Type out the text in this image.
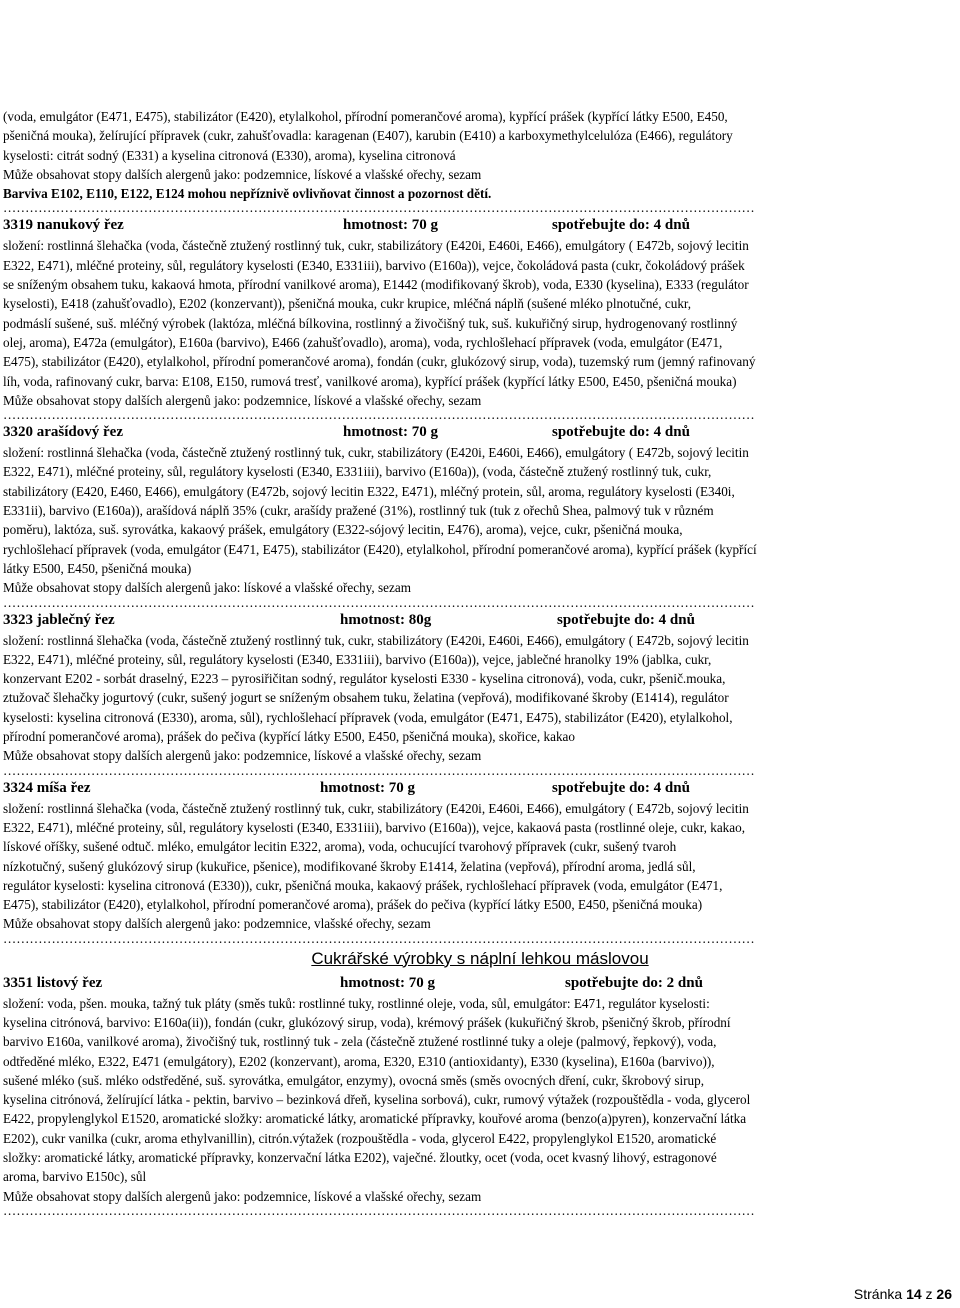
Vašíček – pekařství a cukrářství, s.r.o., Šušilova 50, 789 01 Zábřeh
KATALOG VÝROBKŮ – cukrárna
Aktuální katalog (složení, trvanlivosti) výrobků: www.vasicekzabreh.cz/dokumenty-ke-stazeni
Poslední aktualizace 30.10.2014
======================================================
(voda, emulgátor (E471, E475), stabilizátor (E420), etylalkohol, přírodní pomerančové aroma), kypřící prášek (kypřící látky E500, E450,
pšeničná mouka), želírující přípravek (cukr, zahušťovadla: karagenan (E407), karubin (E410) a karboxymethylcelulóza (E466), regulátory
kyselosti: citrát sodný (E331) a kyselina citronová (E330), aroma), kyselina citronová
Může obsahovat stopy dalších alergenů jako: podzemnice, lískové a vlašské ořechy, sezam
Barviva E102, E110, E122, E124 mohou nepříznivě ovlivňovat činnost a pozornost dětí.
………………………………………………………………………………………………………………………………………………………
3319 nanukový řez	hmotnost: 70 g	spotřebujte do: 4 dnů
složení: rostlinná šlehačka (voda, částečně ztužený rostlinný tuk, cukr, stabilizátory (E420i, E460i, E466), emulgátory ( E472b, sojový lecitin
E322, E471), mléčné proteiny, sůl, regulátory kyselosti (E340, E331iii), barvivo (E160a)), vejce, čokoládová pasta (cukr, čokoládový prášek
se sníženým obsahem tuku, kakaová hmota, přírodní vanilkové aroma), E1442 (modifikovaný škrob), voda, E330 (kyselina), E333 (regulátor
kyselosti), E418 (zahušťovadlo), E202 (konzervant)), pšeničná mouka, cukr krupice, mléčná náplň (sušené mléko plnotučné, cukr,
podmáslí sušené, suš. mléčný výrobek (laktóza, mléčná bílkovina, rostlinný a živočišný tuk, suš. kukuřičný sirup, hydrogenovaný rostlinný
olej, aroma), E472a (emulgátor), E160a (barvivo), E466 (zahušťovadlo), aroma), voda, rychlošlehací přípravek (voda, emulgátor (E471,
E475), stabilizátor (E420), etylalkohol, přírodní pomerančové aroma), fondán (cukr, glukózový sirup, voda), tuzemský rum (jemný rafinovaný
líh, voda, rafinovaný cukr, barva: E108, E150, rumová tresť, vanilkové aroma), kypřící prášek (kypřící látky E500, E450, pšeničná mouka)
Může obsahovat stopy dalších alergenů jako: podzemnice, lískové a vlašské ořechy, sezam
………………………………………………………………………………………………………………………………………………………
3320 arašídový řez	hmotnost: 70 g	spotřebujte do: 4 dnů
složení: rostlinná šlehačka (voda, částečně ztužený rostlinný tuk, cukr, stabilizátory (E420i, E460i, E466), emulgátory ( E472b, sojový lecitin
E322, E471), mléčné proteiny, sůl, regulátory kyselosti (E340, E331iii), barvivo (E160a)), (voda, částečně ztužený rostlinný tuk, cukr,
stabilizátory (E420, E460, E466), emulgátory (E472b, sojový lecitin E322, E471), mléčný protein, sůl, aroma, regulátory kyselosti (E340i,
E331ii), barvivo (E160a)), arašídová náplň 35% (cukr, arašídy pražené (31%), rostlinný tuk (tuk z ořechů Shea, palmový tuk v různém
poměru), laktóza, suš. syrovátka, kakaový prášek, emulgátory (E322-sójový lecitin, E476), aroma), vejce, cukr, pšeničná mouka,
rychlošlehací přípravek (voda, emulgátor (E471, E475), stabilizátor (E420), etylalkohol, přírodní pomerančové aroma), kypřící prášek (kypřící
látky E500, E450, pšeničná mouka)
Může obsahovat stopy dalších alergenů jako: lískové a vlašské ořechy, sezam
………………………………………………………………………………………………………………………………………………………
3323 jablečný řez	hmotnost: 80g	spotřebujte do: 4 dnů
složení: rostlinná šlehačka (voda, částečně ztužený rostlinný tuk, cukr, stabilizátory (E420i, E460i, E466), emulgátory ( E472b, sojový lecitin
E322, E471), mléčné proteiny, sůl, regulátory kyselosti (E340, E331iii), barvivo (E160a)), vejce, jablečné hranolky 19% (jablka, cukr,
konzervant E202 - sorbát draselný, E223 – pyrosiřičitan sodný, regulátor kyselosti E330 - kyselina citronová), voda, cukr, pšenič.mouka,
ztužovač šlehačky jogurtový (cukr, sušený jogurt se sníženým obsahem tuku, želatina (vepřová), modifikované škroby (E1414), regulátor
kyselosti: kyselina citronová (E330), aroma, sůl), rychlošlehací přípravek (voda, emulgátor (E471, E475), stabilizátor (E420), etylalkohol,
přírodní pomerančové aroma), prášek do pečiva (kypřící látky E500, E450, pšeničná mouka), skořice, kakao
Může obsahovat stopy dalších alergenů jako: podzemnice, lískové a vlašské ořechy, sezam
………………………………………………………………………………………………………………………………………………………
3324 míša řez	hmotnost: 70 g	spotřebujte do: 4 dnů
složení: rostlinná šlehačka (voda, částečně ztužený rostlinný tuk, cukr, stabilizátory (E420i, E460i, E466), emulgátory ( E472b, sojový lecitin
E322, E471), mléčné proteiny, sůl, regulátory kyselosti (E340, E331iii), barvivo (E160a)), vejce, kakaová pasta (rostlinné oleje, cukr, kakao,
lískové oříšky, sušené odtuč. mléko, emulgátor lecitin E322, aroma), voda, ochucující tvarohový přípravek (cukr, sušený tvaroh
nízkotučný, sušený glukózový sirup (kukuřice, pšenice), modifikované škroby E1414, želatina (vepřová), přírodní aroma, jedlá sůl,
regulátor kyselosti: kyselina citronová (E330)), cukr, pšeničná mouka, kakaový prášek, rychlošlehací přípravek (voda, emulgátor (E471,
E475), stabilizátor (E420), etylalkohol, přírodní pomerančové aroma), prášek do pečiva (kypřící látky E500, E450, pšeničná mouka)
Může obsahovat stopy dalších alergenů jako: podzemnice, vlašské ořechy, sezam
………………………………………………………………………………………………………………………………………………………
Cukrářské výrobky s náplní lehkou máslovou
3351 listový řez	hmotnost: 70 g	spotřebujte do: 2 dnů
složení: voda, pšen. mouka, tažný tuk pláty (směs tuků: rostlinné tuky, rostlinné oleje, voda, sůl, emulgátor: E471, regulátor kyselosti:
kyselina citrónová, barvivo: E160a(ii)), fondán (cukr, glukózový sirup, voda), krémový prášek (kukuřičný škrob, pšeničný škrob, přírodní
barvivo E160a, vanilkové aroma), živočišný tuk, rostlinný tuk - zela (částečně ztužené rostlinné tuky a oleje (palmový, řepkový), voda,
odtředěné mléko, E322, E471 (emulgátory), E202 (konzervant), aroma, E320, E310 (antioxidanty), E330 (kyselina), E160a (barvivo)),
sušené mléko (suš. mléko odstředěné, suš. syrovátka, emulgátor, enzymy), ovocná směs (směs ovocných dření, cukr, škrobový sirup,
kyselina citrónová, želírující látka - pektin, barvivo – bezinková dřeň, kyselina sorbová), cukr, rumový výtažek (rozpouštědla - voda, glycerol
E422, propylenglykol E1520, aromatické složky: aromatické látky, aromatické přípravky, kouřové aroma (benzo(a)pyren), konzervační látka
E202), cukr vanilka (cukr, aroma ethylvanillin), citrón.výtažek (rozpouštědla - voda, glycerol E422, propylenglykol E1520, aromatické
složky: aromatické látky, aromatické přípravky, konzervační látka E202), vaječné. žloutky, ocet (voda, ocet kvasný lihový, estragonové
aroma, barvivo E150c), sůl
Může obsahovat stopy dalších alergenů jako: podzemnice, lískové a vlašské ořechy, sezam
………………………………………………………………………………………………………………………………………………………
Stránka 14 z 26
